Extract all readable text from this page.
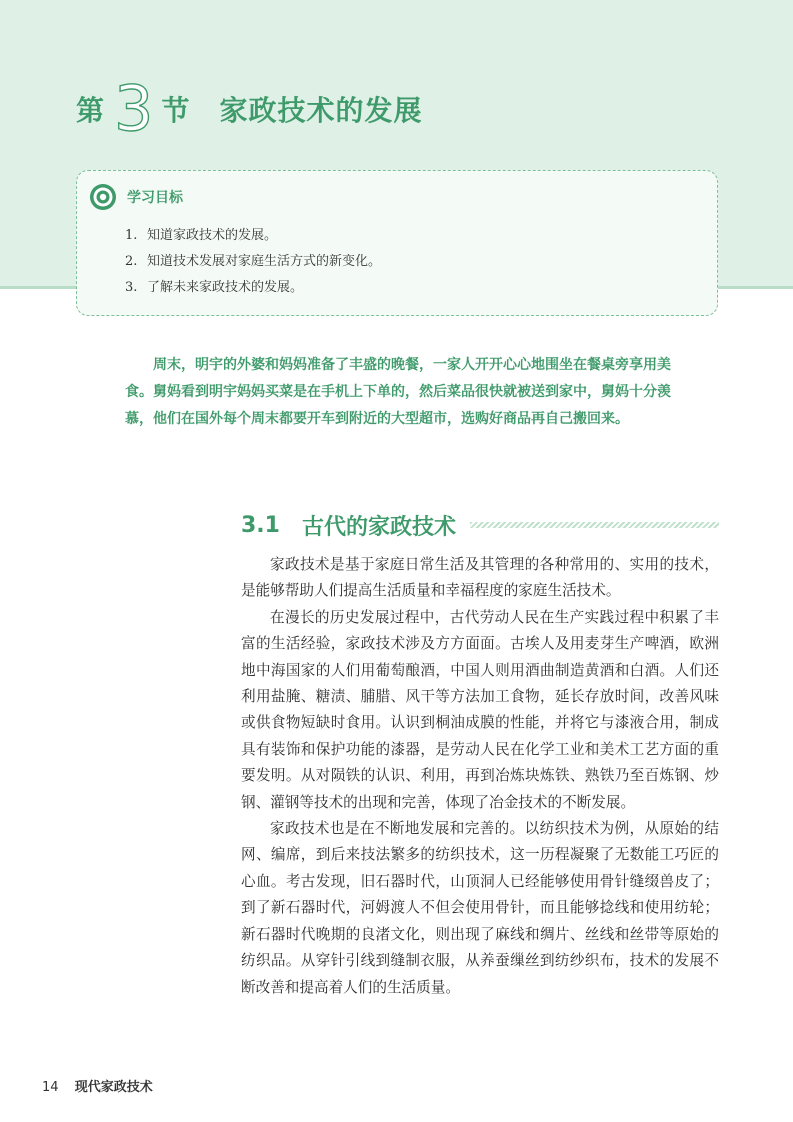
第 3 节 家政技术的发展
学习目标
1. 知道家政技术的发展。
2. 知道技术发展对家庭生活方式的新变化。
3. 了解未来家政技术的发展。

周末，明宇的外婆和妈妈准备了丰盛的晚餐，一家人开开心心地围坐在餐桌旁享用美食。舅妈看到明宇妈妈买菜是在手机上下单的，然后菜品很快就被送到家中，舅妈十分羡慕，他们在国外每个周末都要开车到附近的大型超市，选购好商品再自己搬回来。

3.1 古代的家政技术

家政技术是基于家庭日常生活及其管理的各种常用的、实用的技术，是能够帮助人们提高生活质量和幸福程度的家庭生活技术。

在漫长的历史发展过程中，古代劳动人民在生产实践过程中积累了丰富的生活经验，家政技术涉及方方面面。古埃人及用麦芽生产啤酒，欧洲地中海国家的人们用葡萄酿酒，中国人则用酒曲制造黄酒和白酒。人们还利用盐腌、糖渍、脯腊、风干等方法加工食物，延长存放时间，改善风味或供食物短缺时食用。认识到桐油成膜的性能，并将它与漆液合用，制成具有装饰和保护功能的漆器，是劳动人民在化学工业和美术工艺方面的重要发明。从对陨铁的认识、利用，再到冶炼块炼铁、熟铁乃至百炼钢、炒钢、灌钢等技术的出现和完善，体现了冶金技术的不断发展。

家政技术也是在不断地发展和完善的。以纺织技术为例，从原始的结网、编席，到后来技法繁多的纺织技术，这一历程凝聚了无数能工巧匠的心血。考古发现，旧石器时代，山顶洞人已经能够使用骨针缝缀兽皮了；到了新石器时代，河姆渡人不但会使用骨针，而且能够捻线和使用纺轮；新石器时代晚期的良渚文化，则出现了麻线和绸片、丝线和丝带等原始的纺织品。从穿针引线到缝制衣服，从养蚕缫丝到纺纱织布，技术的发展不断改善和提高着人们的生活质量。

14 现代家政技术
